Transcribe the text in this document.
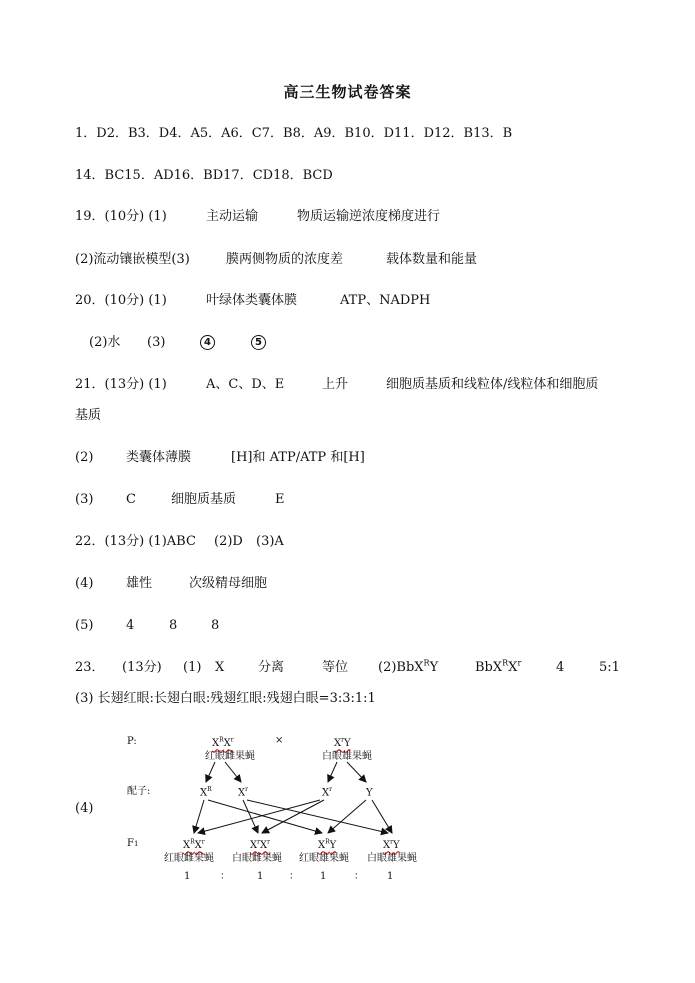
高三生物试卷答案
1．D2．B3．D4．A5．A6．C7．B8．A9．B10．D11．D12．B13．B
14．BC15．AD16．BD17．CD18．BCD
19．(10分) (1)	主动运输	物质运输逆浓度梯度进行
(2)流动镶嵌模型(3)	膜两侧物质的浓度差	载体数量和能量
20．(10分) (1)	叶绿体类囊体膜	ATP、NADPH
(2)水 (3)	4	5
21．(13分) (1)	A、C、D、E	上升	细胞质基质和线粒体/线粒体和细胞质
基质
(2)	类囊体薄膜	[H]和 ATP/ATP 和[H]
(3)	C	细胞质基质	E
22．(13分) (1)ABC (2)D (3)A
(4)	雄性	次级精母细胞
(5)	4	8	8
23． (13分) (1) X	分离	等位 (2)BbX$^R$Y	$BbX^RX^r$	4	5:1
(3) 长翅红眼:长翅白眼:残翅红眼:残翅白眼=3:3:1:1
(4)
P:	$X^RX^r$	×	$X^rY$
红眼雌果蝇	白眼雄果蝇
配子:	$X^R$	$X^r$	$X^r$	Y
F1	$X^RX^r$	$X^rX^r$	$X^RY$	$X^rY$
红眼雌果蝇	白眼雌果蝇	红眼雄果蝇	白眼雄果蝇
1	：	1	： 1	： 1
